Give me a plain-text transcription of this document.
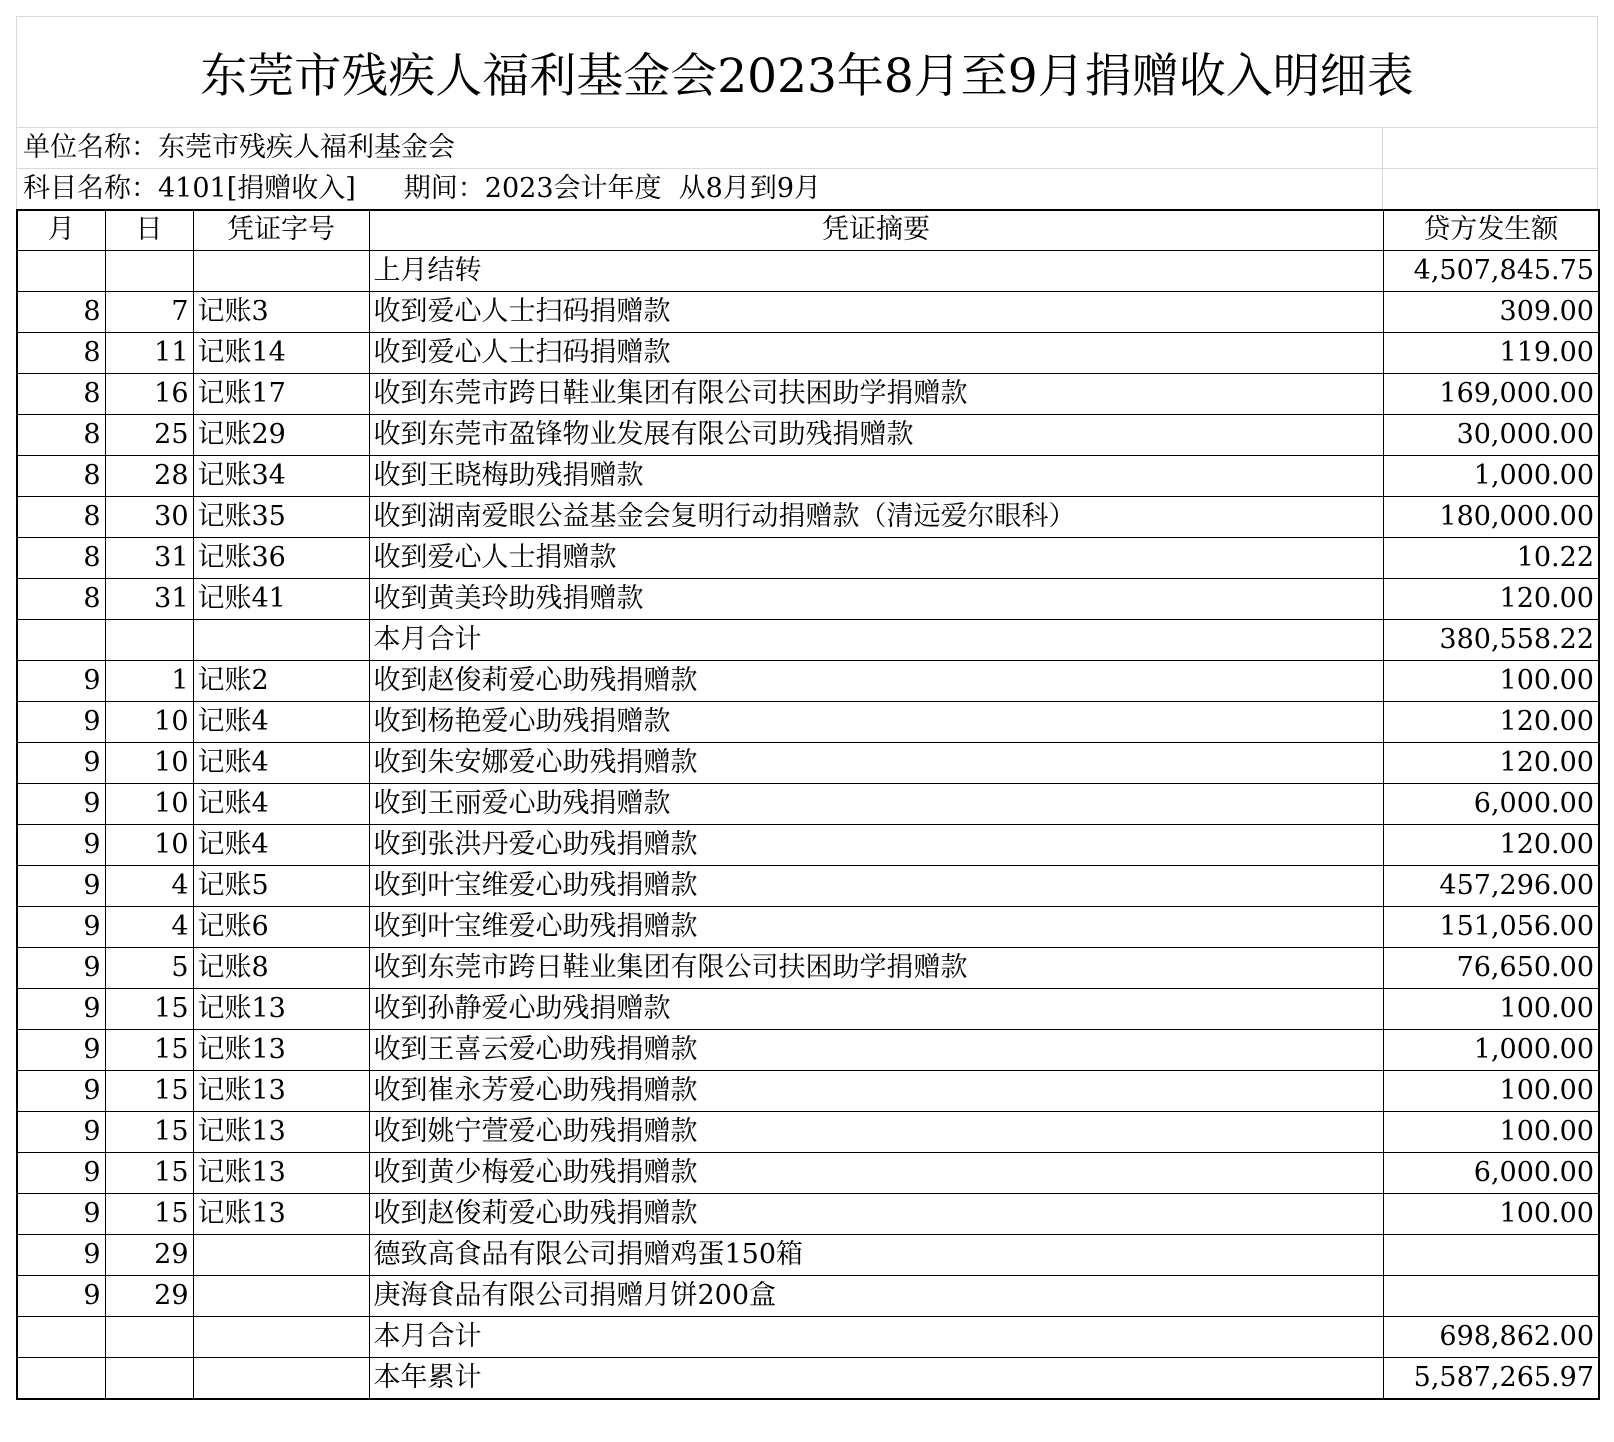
东莞市残疾人福利基金会2023年8月至9月捐赠收入明细表
单位名称：东莞市残疾人福利基金会
科目名称：4101[捐赠收入] 期间：2023会计年度  从8月到9月
月	日	凭证字号	凭证摘要	贷方发生额
			上月结转	4,507,845.75
8	7	记账3	收到爱心人士扫码捐赠款	309.00
8	11	记账14	收到爱心人士扫码捐赠款	119.00
8	16	记账17	收到东莞市跨日鞋业集团有限公司扶困助学捐赠款	169,000.00
8	25	记账29	收到东莞市盈锋物业发展有限公司助残捐赠款	30,000.00
8	28	记账34	收到王晓梅助残捐赠款	1,000.00
8	30	记账35	收到湖南爱眼公益基金会复明行动捐赠款（清远爱尔眼科）	180,000.00
8	31	记账36	收到爱心人士捐赠款	10.22
8	31	记账41	收到黄美玲助残捐赠款	120.00
			本月合计	380,558.22
9	1	记账2	收到赵俊莉爱心助残捐赠款	100.00
9	10	记账4	收到杨艳爱心助残捐赠款	120.00
9	10	记账4	收到朱安娜爱心助残捐赠款	120.00
9	10	记账4	收到王丽爱心助残捐赠款	6,000.00
9	10	记账4	收到张洪丹爱心助残捐赠款	120.00
9	4	记账5	收到叶宝维爱心助残捐赠款	457,296.00
9	4	记账6	收到叶宝维爱心助残捐赠款	151,056.00
9	5	记账8	收到东莞市跨日鞋业集团有限公司扶困助学捐赠款	76,650.00
9	15	记账13	收到孙静爱心助残捐赠款	100.00
9	15	记账13	收到王喜云爱心助残捐赠款	1,000.00
9	15	记账13	收到崔永芳爱心助残捐赠款	100.00
9	15	记账13	收到姚宁萱爱心助残捐赠款	100.00
9	15	记账13	收到黄少梅爱心助残捐赠款	6,000.00
9	15	记账13	收到赵俊莉爱心助残捐赠款	100.00
9	29		德致高食品有限公司捐赠鸡蛋150箱	
9	29		庚海食品有限公司捐赠月饼200盒	
			本月合计	698,862.00
			本年累计	5,587,265.97
